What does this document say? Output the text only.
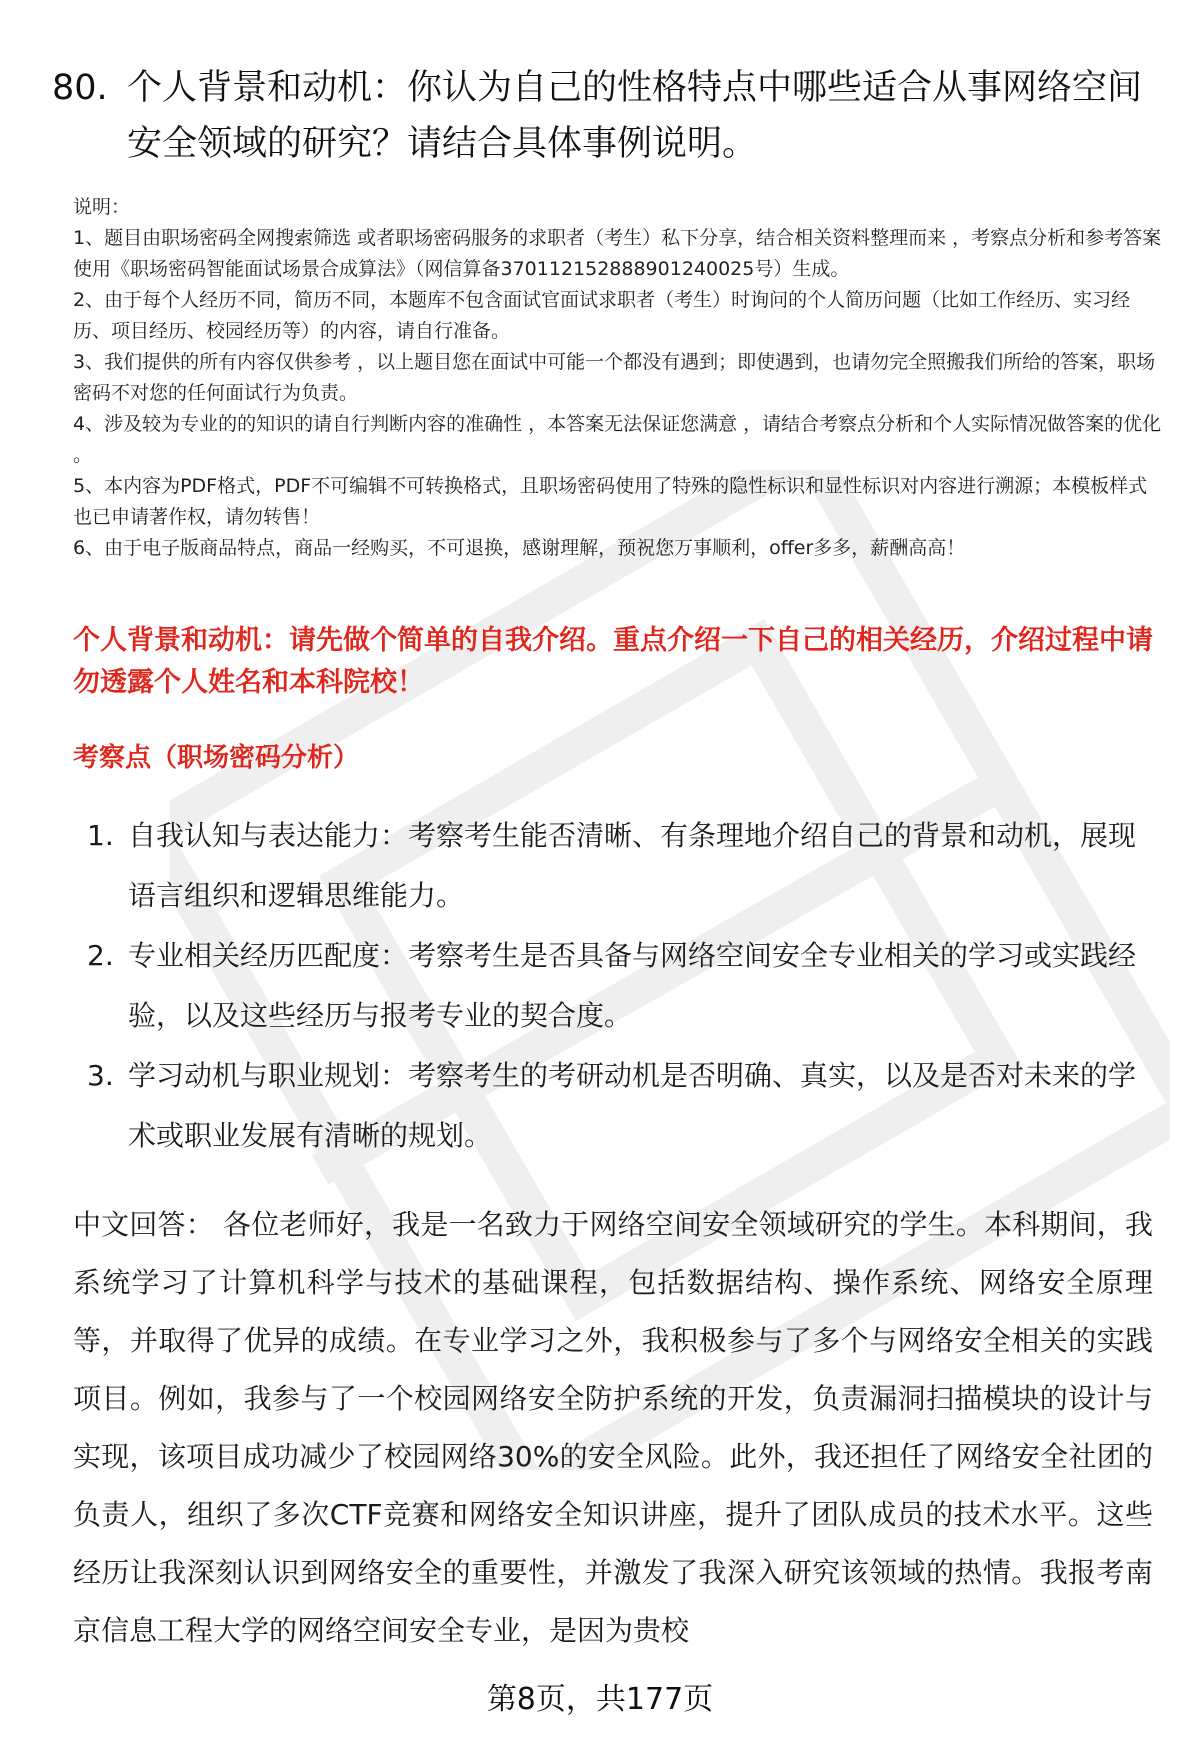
80. 个人背景和动机：你认为自己的性格特点中哪些适合从事网络空间安全领域的研究？请结合具体事例说明。
说明：
1、题目由职场密码全网搜索筛选 或者职场密码服务的求职者（考生）私下分享，结合相关资料整理而来 ，考察点分析和参考答案使用《职场密码智能面试场景合成算法》（网信算备370112152888901240025号）生成。
2、由于每个人经历不同，简历不同，本题库不包含面试官面试求职者（考生）时询问的个人简历问题（比如工作经历、实习经历、项目经历、校园经历等）的内容，请自行准备。
3、我们提供的所有内容仅供参考 ，以上题目您在面试中可能一个都没有遇到；即使遇到，也请勿完全照搬我们所给的答案，职场密码不对您的任何面试行为负责。
4、涉及较为专业的的知识的请自行判断内容的准确性 ，本答案无法保证您满意 ，请结合考察点分析和个人实际情况做答案的优化 。
5、本内容为PDF格式，PDF不可编辑不可转换格式，且职场密码使用了特殊的隐性标识和显性标识对内容进行溯源；本模板样式也已申请著作权，请勿转售！
6、由于电子版商品特点，商品一经购买，不可退换，感谢理解，预祝您万事顺利，offer多多，薪酬高高！
个人背景和动机：请先做个简单的自我介绍。重点介绍一下自己的相关经历，介绍过程中请勿透露个人姓名和本科院校！
考察点（职场密码分析）
1. 自我认知与表达能力：考察考生能否清晰、有条理地介绍自己的背景和动机，展现语言组织和逻辑思维能力。
2. 专业相关经历匹配度：考察考生是否具备与网络空间安全专业相关的学习或实践经验，以及这些经历与报考专业的契合度。
3. 学习动机与职业规划：考察考生的考研动机是否明确、真实，以及是否对未来的学术或职业发展有清晰的规划。
中文回答： 各位老师好，我是一名致力于网络空间安全领域研究的学生。本科期间，我系统学习了计算机科学与技术的基础课程，包括数据结构、操作系统、网络安全原理等，并取得了优异的成绩。在专业学习之外，我积极参与了多个与网络安全相关的实践项目。例如，我参与了一个校园网络安全防护系统的开发，负责漏洞扫描模块的设计与实现，该项目成功减少了校园网络30%的安全风险。此外，我还担任了网络安全社团的负责人，组织了多次CTF竞赛和网络安全知识讲座，提升了团队成员的技术水平。这些经历让我深刻认识到网络安全的重要性，并激发了我深入研究该领域的热情。我报考南京信息工程大学的网络空间安全专业，是因为贵校
第8页，共177页
